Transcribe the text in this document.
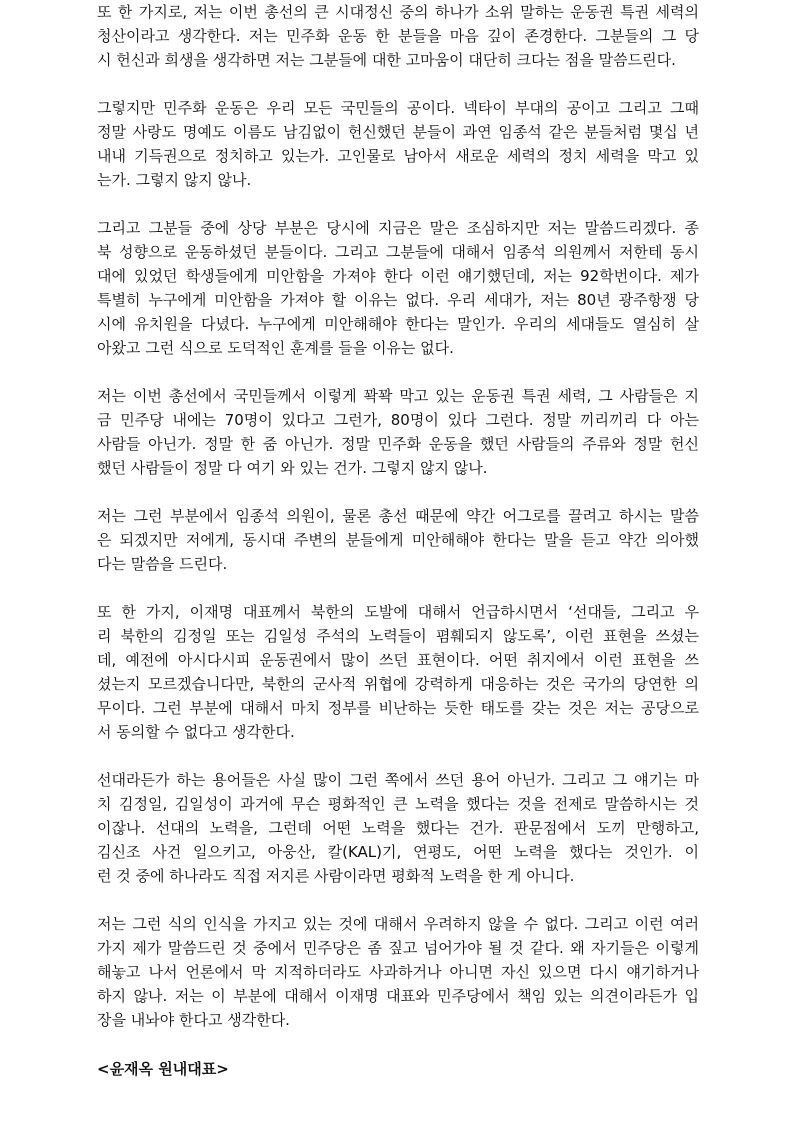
또 한 가지로, 저는 이번 총선의 큰 시대정신 중의 하나가 소위 말하는 운동권 특권 세력의
청산이라고 생각한다. 저는 민주화 운동 한 분들을 마음 깊이 존경한다. 그분들의 그 당
시 헌신과 희생을 생각하면 저는 그분들에 대한 고마움이 대단히 크다는 점을 말씀드린다.
그렇지만 민주화 운동은 우리 모든 국민들의 공이다. 넥타이 부대의 공이고 그리고 그때
정말 사랑도 명예도 이름도 남김없이 헌신했던 분들이 과연 임종석 같은 분들처럼 몇십 년
내내 기득권으로 정치하고 있는가. 고인물로 남아서 새로운 세력의 정치 세력을 막고 있
는가. 그렇지 않지 않나.
그리고 그분들 중에 상당 부분은 당시에 지금은 말은 조심하지만 저는 말씀드리겠다. 종
북 성향으로 운동하셨던 분들이다. 그리고 그분들에 대해서 임종석 의원께서 저한테 동시
대에 있었던 학생들에게 미안함을 가져야 한다 이런 얘기했던데, 저는 92학번이다. 제가
특별히 누구에게 미안함을 가져야 할 이유는 없다. 우리 세대가, 저는 80년 광주항쟁 당
시에 유치원을 다녔다. 누구에게 미안해해야 한다는 말인가. 우리의 세대들도 열심히 살
아왔고 그런 식으로 도덕적인 훈계를 들을 이유는 없다.
저는 이번 총선에서 국민들께서 이렇게 꽉꽉 막고 있는 운동권 특권 세력, 그 사람들은 지
금 민주당 내에는 70명이 있다고 그런가, 80명이 있다 그런다. 정말 끼리끼리 다 아는
사람들 아닌가. 정말 한 줌 아닌가. 정말 민주화 운동을 했던 사람들의 주류와 정말 헌신
했던 사람들이 정말 다 여기 와 있는 건가. 그렇지 않지 않나.
저는 그런 부분에서 임종석 의원이, 물론 총선 때문에 약간 어그로를 끌려고 하시는 말씀
은 되겠지만 저에게, 동시대 주변의 분들에게 미안해해야 한다는 말을 듣고 약간 의아했
다는 말씀을 드린다.
또 한 가지, 이재명 대표께서 북한의 도발에 대해서 언급하시면서 ‘선대들, 그리고 우
리 북한의 김정일 또는 김일성 주석의 노력들이 폄훼되지 않도록’, 이런 표현을 쓰셨는
데, 예전에 아시다시피 운동권에서 많이 쓰던 표현이다. 어떤 취지에서 이런 표현을 쓰
셨는지 모르겠습니다만, 북한의 군사적 위협에 강력하게 대응하는 것은 국가의 당연한 의
무이다. 그런 부분에 대해서 마치 정부를 비난하는 듯한 태도를 갖는 것은 저는 공당으로
서 동의할 수 없다고 생각한다.
선대라든가 하는 용어들은 사실 많이 그런 쪽에서 쓰던 용어 아닌가. 그리고 그 얘기는 마
치 김정일, 김일성이 과거에 무슨 평화적인 큰 노력을 했다는 것을 전제로 말씀하시는 것
이잖나. 선대의 노력을, 그런데 어떤 노력을 했다는 건가. 판문점에서 도끼 만행하고,
김신조 사건 일으키고, 아웅산, 칼(KAL)기, 연평도, 어떤 노력을 했다는 것인가. 이
런 것 중에 하나라도 직접 저지른 사람이라면 평화적 노력을 한 게 아니다.
저는 그런 식의 인식을 가지고 있는 것에 대해서 우려하지 않을 수 없다. 그리고 이런 여러
가지 제가 말씀드린 것 중에서 민주당은 좀 짚고 넘어가야 될 것 같다. 왜 자기들은 이렇게
해놓고 나서 언론에서 막 지적하더라도 사과하거나 아니면 자신 있으면 다시 얘기하거나
하지 않나. 저는 이 부분에 대해서 이재명 대표와 민주당에서 책임 있는 의견이라든가 입
장을 내놔야 한다고 생각한다.

<윤재옥 원내대표>
